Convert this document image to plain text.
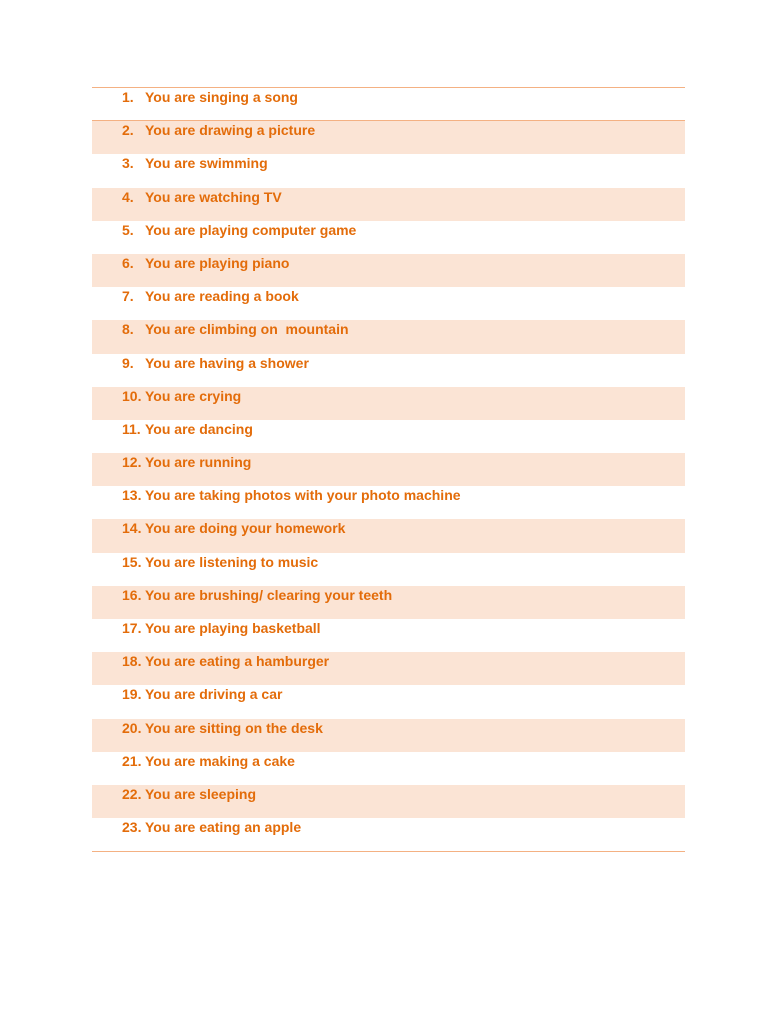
1. You are singing a song
2. You are drawing a picture
3. You are swimming
4. You are watching TV
5. You are playing computer game
6. You are playing piano
7. You are reading a book
8. You are climbing on  mountain
9. You are having a shower
10. You are crying
11. You are dancing
12. You are running
13. You are taking photos with your photo machine
14. You are doing your homework
15. You are listening to music
16. You are brushing/ clearing your teeth
17. You are playing basketball
18. You are eating a hamburger
19. You are driving a car
20. You are sitting on the desk
21. You are making a cake
22. You are sleeping
23. You are eating an apple
